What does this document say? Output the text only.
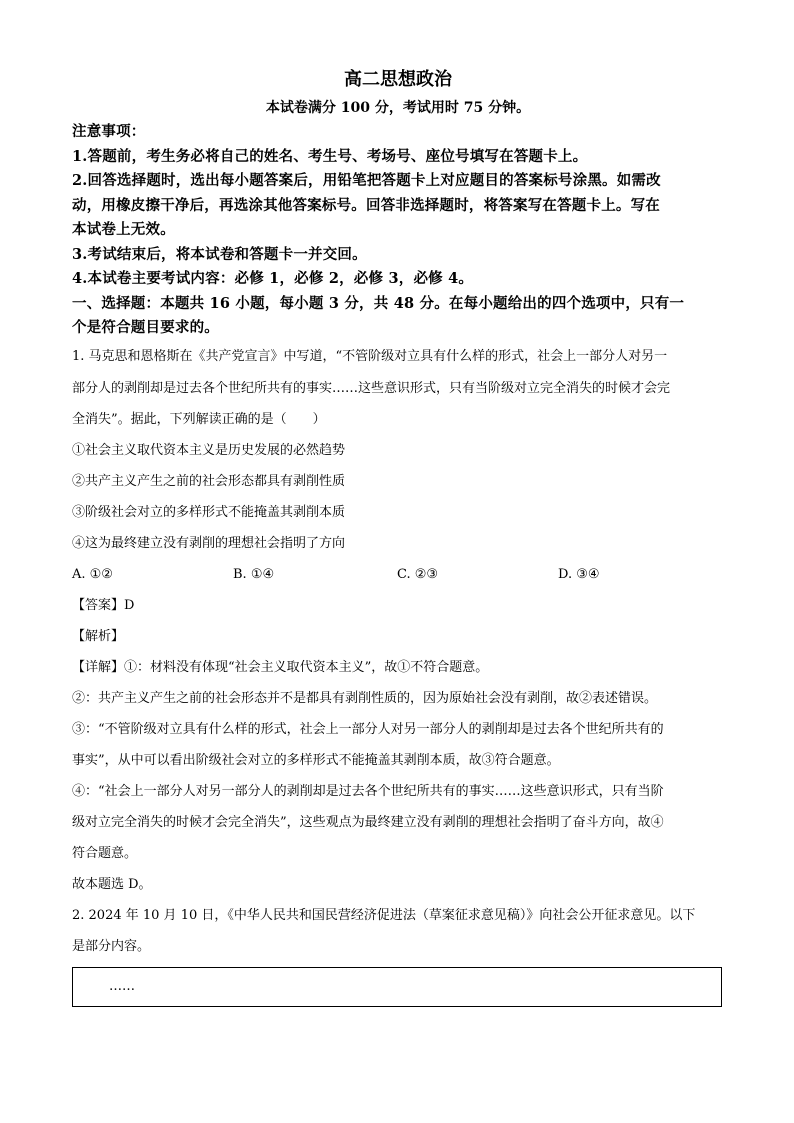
高二思想政治
本试卷满分 100 分，考试用时 75 分钟。
注意事项：
1.答题前，考生务必将自己的姓名、考生号、考场号、座位号填写在答题卡上。
2.回答选择题时，选出每小题答案后，用铅笔把答题卡上对应题目的答案标号涂黑。如需改
动，用橡皮擦干净后，再选涂其他答案标号。回答非选择题时，将答案写在答题卡上。写在
本试卷上无效。
3.考试结束后，将本试卷和答题卡一并交回。
4.本试卷主要考试内容：必修 1，必修 2，必修 3，必修 4。
一、选择题：本题共 16 小题，每小题 3 分，共 48 分。在每小题给出的四个选项中，只有一
个是符合题目要求的。
1. 马克思和恩格斯在《共产党宣言》中写道，“不管阶级对立具有什么样的形式，社会上一部分人对另一
部分人的剥削却是过去各个世纪所共有的事实……这些意识形式，只有当阶级对立完全消失的时候才会完
全消失”。据此，下列解读正确的是（　　）
①社会主义取代资本主义是历史发展的必然趋势
②共产主义产生之前的社会形态都具有剥削性质
③阶级社会对立的多样形式不能掩盖其剥削本质
④这为最终建立没有剥削的理想社会指明了方向
A. ①②	B. ①④	C. ②③	D. ③④
【答案】D
【解析】
【详解】①：材料没有体现“社会主义取代资本主义”，故①不符合题意。
②：共产主义产生之前的社会形态并不是都具有剥削性质的，因为原始社会没有剥削，故②表述错误。
③：“不管阶级对立具有什么样的形式，社会上一部分人对另一部分人的剥削却是过去各个世纪所共有的
事实”，从中可以看出阶级社会对立的多样形式不能掩盖其剥削本质，故③符合题意。
④：“社会上一部分人对另一部分人的剥削却是过去各个世纪所共有的事实……这些意识形式，只有当阶
级对立完全消失的时候才会完全消失”，这些观点为最终建立没有剥削的理想社会指明了奋斗方向，故④
符合题意。
故本题选 D。
2. 2024 年 10 月 10 日，《中华人民共和国民营经济促进法（草案征求意见稿）》向社会公开征求意见。以下
是部分内容。
……
